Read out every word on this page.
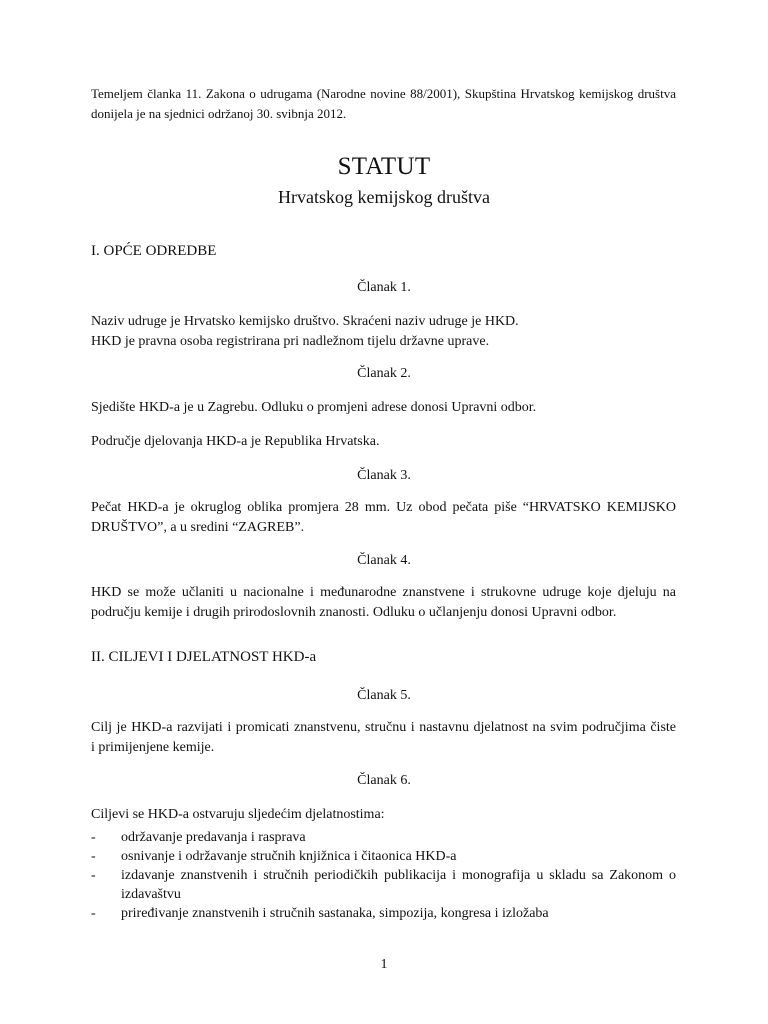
Temeljem članka 11. Zakona o udrugama (Narodne novine 88/2001), Skupština Hrvatskog kemijskog društva
donijela je na sjednici održanoj 30. svibnja 2012.
STATUT
Hrvatskog kemijskog društva
I. OPĆE ODREDBE
Članak 1.
Naziv udruge je Hrvatsko kemijsko društvo. Skraćeni naziv udruge je HKD.
HKD je pravna osoba registrirana pri nadležnom tijelu državne uprave.
Članak 2.
Sjedište HKD-a je u Zagrebu. Odluku o promjeni adrese donosi Upravni odbor.
Područje djelovanja HKD-a je Republika Hrvatska.
Članak 3.
Pečat HKD-a je okruglog oblika promjera 28 mm. Uz obod pečata piše “HRVATSKO KEMIJSKO
DRUŠTVO”, a u sredini “ZAGREB”.
Članak 4.
HKD se može učlaniti u nacionalne i međunarodne znanstvene i strukovne udruge koje djeluju na
području kemije i drugih prirodoslovnih znanosti. Odluku o učlanjenju donosi Upravni odbor.
II. CILJEVI I DJELATNOST HKD-a
Članak 5.
Cilj je HKD-a razvijati i promicati znanstvenu, stručnu i nastavnu djelatnost na svim područjima čiste
i primijenjene kemije.
Članak 6.
Ciljevi se HKD-a ostvaruju sljedećim djelatnostima:
-	održavanje predavanja i rasprava
-	osnivanje i održavanje stručnih knjižnica i čitaonica HKD-a
-	izdavanje znanstvenih i stručnih periodičkih publikacija i monografija u skladu sa Zakonom o
izdavaštvu
-	priređivanje znanstvenih i stručnih sastanaka, simpozija, kongresa i izložaba
1
